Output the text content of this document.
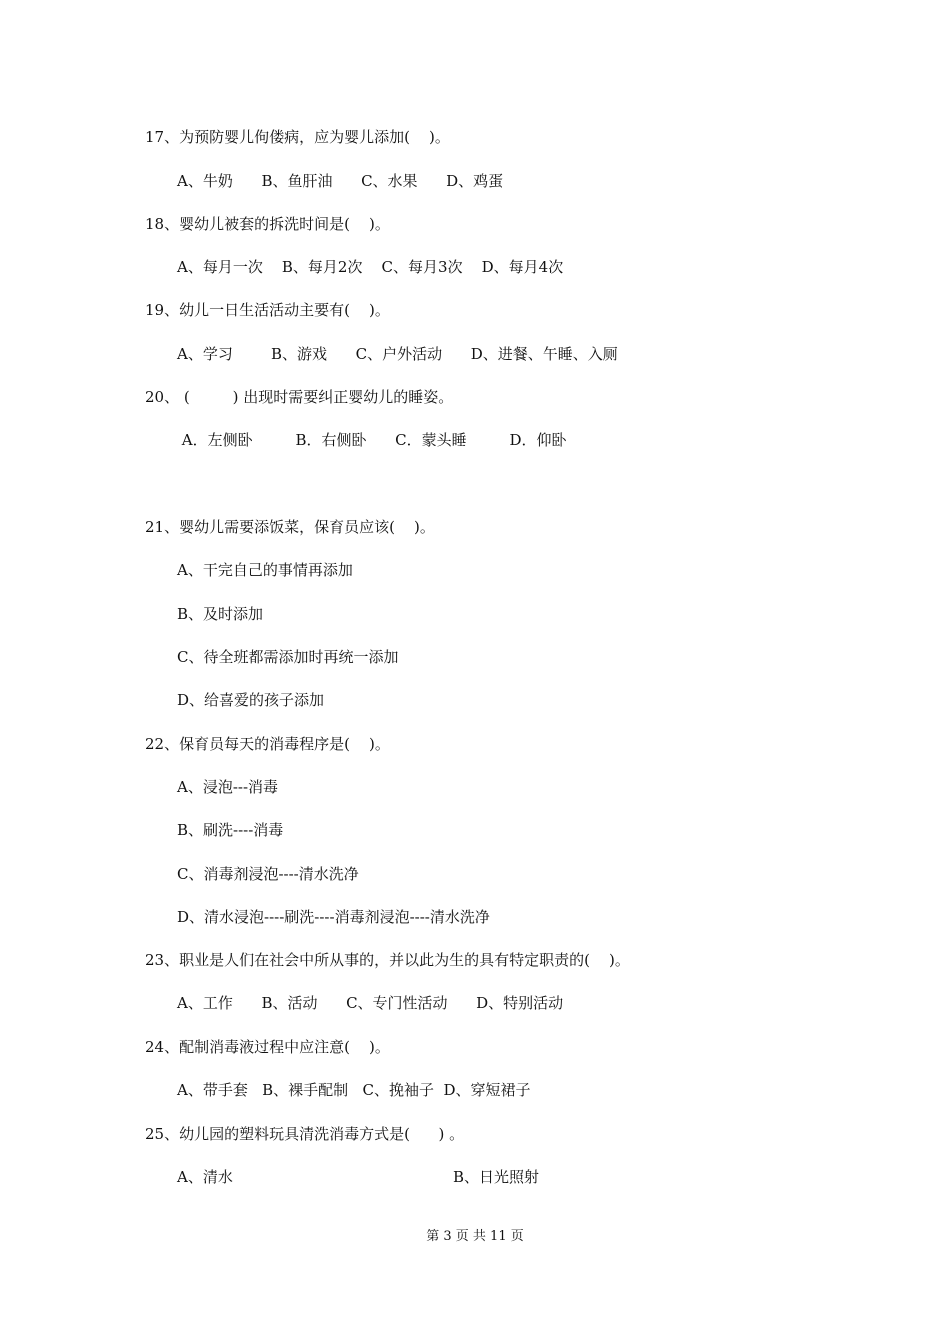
17、为预防婴儿佝偻病，应为婴儿添加(    )。
A、牛奶      B、鱼肝油      C、水果      D、鸡蛋
18、婴幼儿被套的拆洗时间是(    )。
A、每月一次    B、每月2次    C、每月3次    D、每月4次
19、幼儿一日生活活动主要有(    )。
A、学习        B、游戏      C、户外活动      D、进餐、午睡、入厕
20、 (         ) 出现时需要纠正婴幼儿的睡姿。
A．左侧卧         B．右侧卧      C．蒙头睡         D．仰卧
21、婴幼儿需要添饭菜，保育员应该(    )。
A、干完自己的事情再添加
B、及时添加
C、待全班都需添加时再统一添加
D、给喜爱的孩子添加
22、保育员每天的消毒程序是(    )。
A、浸泡---消毒
B、刷洗----消毒
C、消毒剂浸泡----清水洗净
D、清水浸泡----刷洗----消毒剂浸泡----清水洗净
23、职业是人们在社会中所从事的，并以此为生的具有特定职责的(    )。
A、工作      B、活动      C、专门性活动      D、特别活动
24、配制消毒液过程中应注意(    )。
A、带手套   B、裸手配制   C、挽袖子  D、穿短裙子
25、幼儿园的塑料玩具清洗消毒方式是(      ) 。
A、清水	B、日光照射
第 3 页 共 11 页
